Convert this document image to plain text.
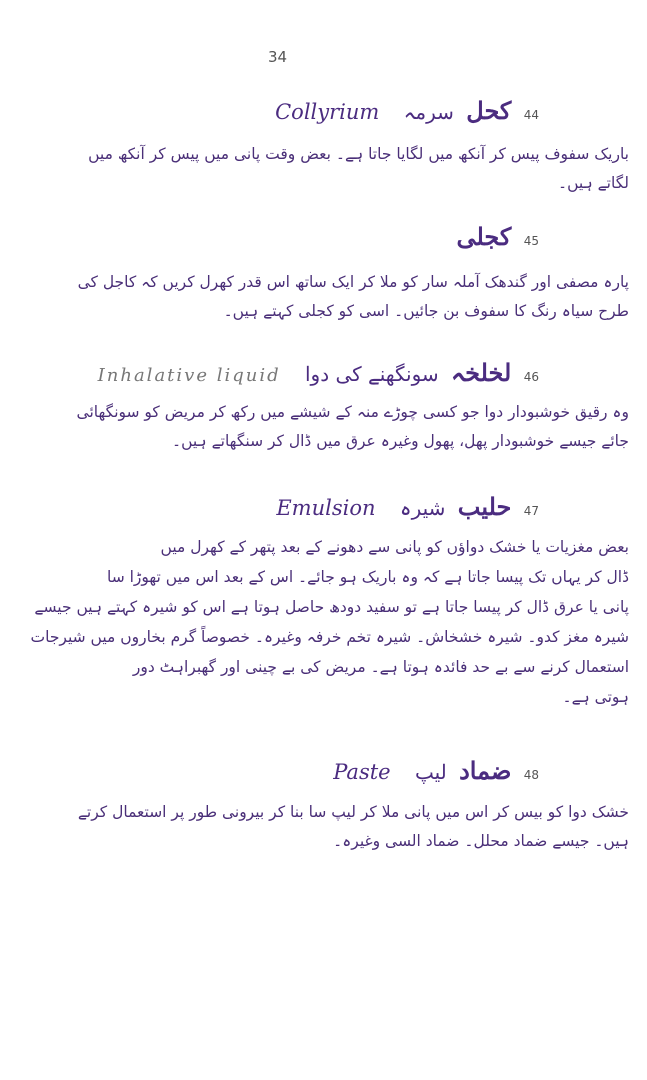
34
44 کحل سرمہ Collyrium
باریک سفوف پیس کر آنکھ میں لگایا جاتا ہے۔ بعض وقت پانی میں پیس کر آنکھ میں
لگاتے ہیں۔
45 کجلی
پارہ مصفی اور گندھک آملہ سار کو ملا کر ایک ساتھ اس قدر کھرل کریں کہ کاجل کی
طرح سیاہ رنگ کا سفوف بن جائیں۔ اسی کو کجلی کہتے ہیں۔
46 لخلخہ سونگھنے کی دوا Inhalative liquid
وہ رقیق خوشبودار دوا جو کسی چوڑے منہ کے شیشے میں رکھ کر مریض کو سونگھائی
جائے جیسے خوشبودار پھل، پھول وغیرہ عرق میں ڈال کر سنگھاتے ہیں۔
47 حلیب شیرہ Emulsion
بعض مغزیات یا خشک دواؤں کو پانی سے دھونے کے بعد پتھر کے کھرل میں
ڈال کر یہاں تک پیسا جاتا ہے کہ وہ باریک ہو جائے۔ اس کے بعد اس میں تھوڑا سا
پانی یا عرق ڈال کر پیسا جاتا ہے تو سفید دودھ حاصل ہوتا ہے اس کو شیرہ کہتے ہیں جیسے
شیرہ مغز کدو۔ شیرہ خشخاش۔ شیرہ تخم خرفہ وغیرہ۔ خصوصاً گرم بخاروں میں شیرجات
استعمال کرنے سے بے حد فائدہ ہوتا ہے۔ مریض کی بے چینی اور گھبراہٹ دور
ہوتی ہے۔
48 ضماد لیپ Paste
خشک دوا کو بیس کر اس میں پانی ملا کر لیپ سا بنا کر بیرونی طور پر استعمال کرتے
ہیں۔ جیسے ضماد محلل۔ ضماد السی وغیرہ۔
